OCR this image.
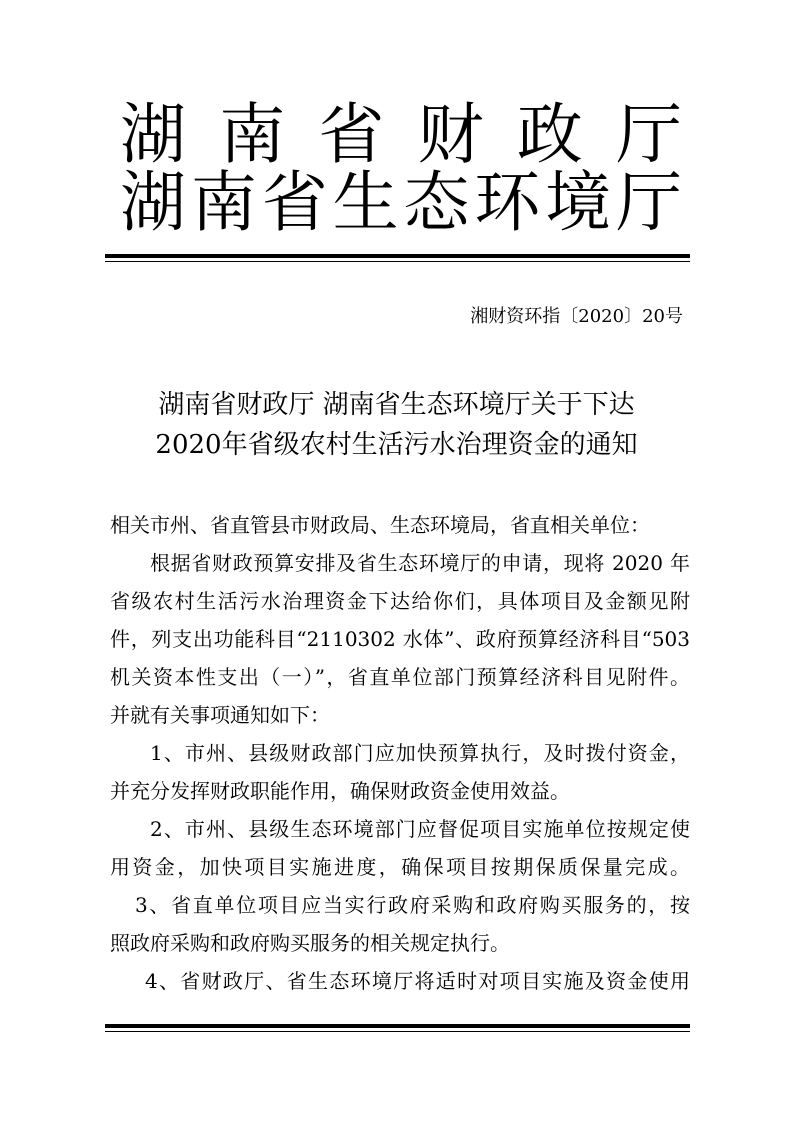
湖南省财政厅
湖南省生态环境厅
湘财资环指〔2020〕20号
湖南省财政厅 湖南省生态环境厅关于下达
2020年省级农村生活污水治理资金的通知
相关市州、省直管县市财政局、生态环境局，省直相关单位：
根据省财政预算安排及省生态环境厅的申请，现将 2020 年
省级农村生活污水治理资金下达给你们，具体项目及金额见附
件，列支出功能科目“2110302 水体”、政府预算经济科目“503
机关资本性支出（一）”，省直单位部门预算经济科目见附件。
并就有关事项通知如下：
1、市州、县级财政部门应加快预算执行，及时拨付资金，
并充分发挥财政职能作用，确保财政资金使用效益。
2、市州、县级生态环境部门应督促项目实施单位按规定使
用资金，加快项目实施进度，确保项目按期保质保量完成。
3、省直单位项目应当实行政府采购和政府购买服务的，按
照政府采购和政府购买服务的相关规定执行。
4、省财政厅、省生态环境厅将适时对项目实施及资金使用
